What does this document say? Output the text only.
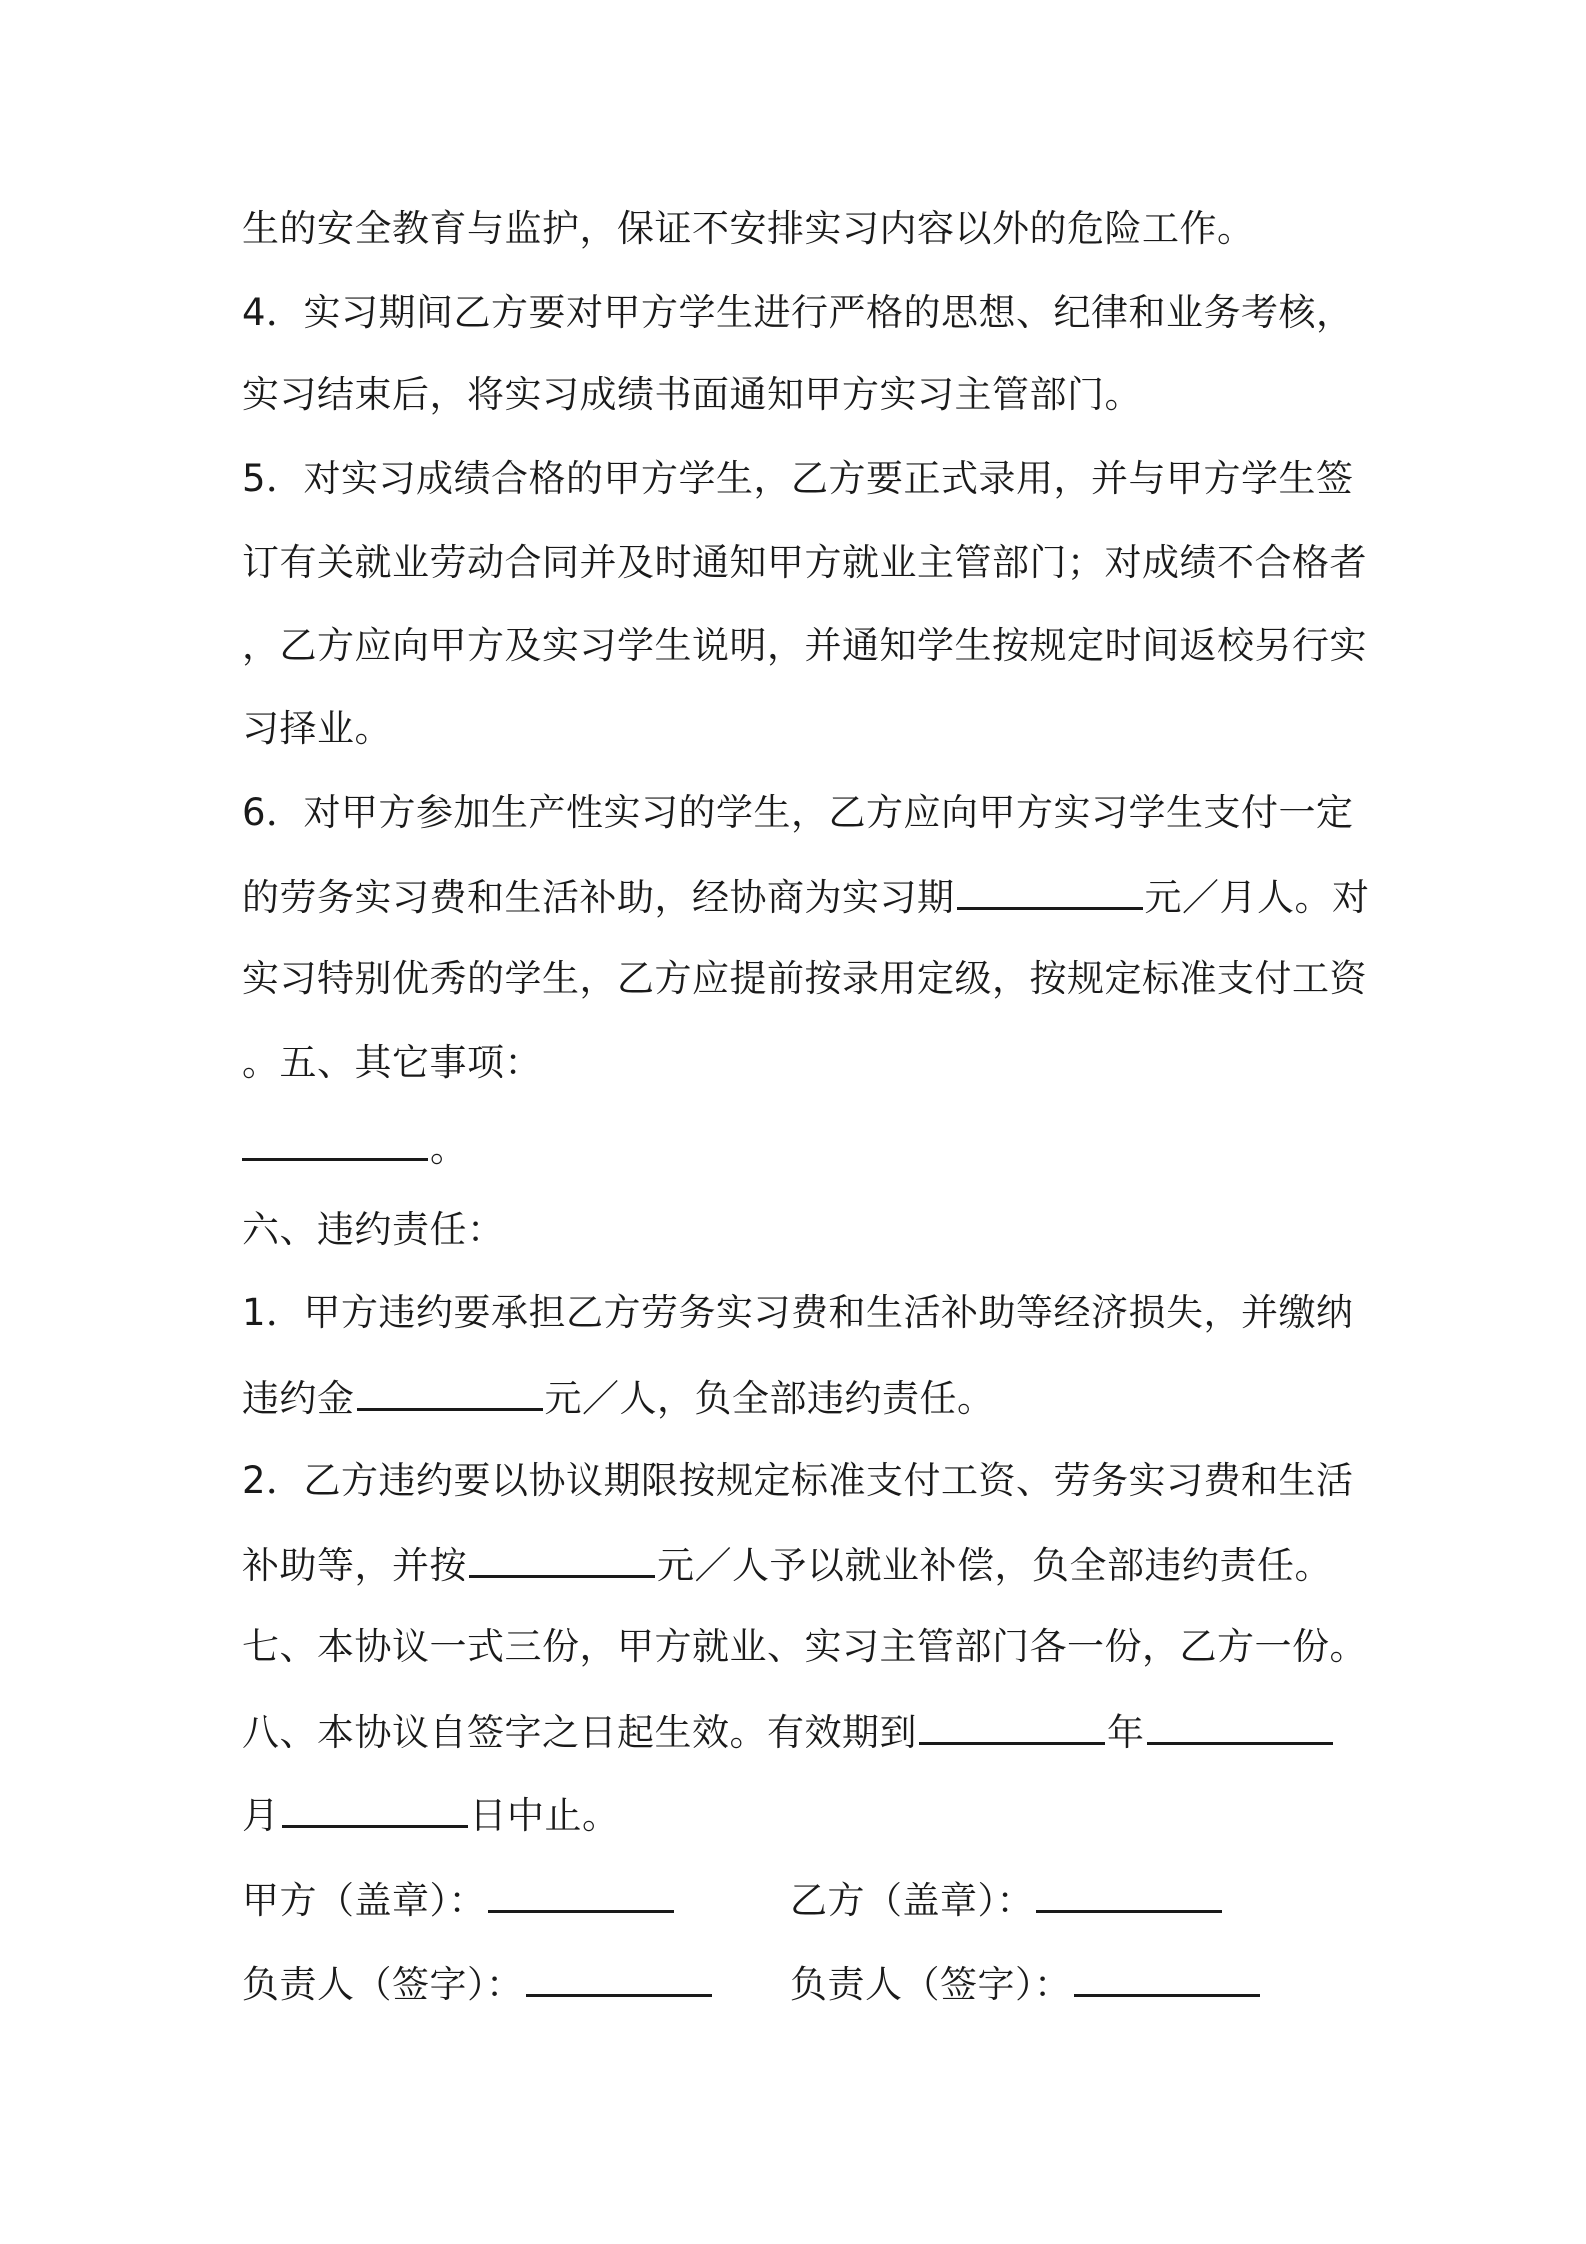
生的安全教育与监护，保证不安排实习内容以外的危险工作。
4．实习期间乙方要对甲方学生进行严格的思想、纪律和业务考核，
实习结束后，将实习成绩书面通知甲方实习主管部门。
5．对实习成绩合格的甲方学生，乙方要正式录用，并与甲方学生签
订有关就业劳动合同并及时通知甲方就业主管部门；对成绩不合格者
，乙方应向甲方及实习学生说明，并通知学生按规定时间返校另行实
习择业。
6．对甲方参加生产性实习的学生，乙方应向甲方实习学生支付一定
的劳务实习费和生活补助，经协商为实习期	元／月人。对
实习特别优秀的学生，乙方应提前按录用定级，按规定标准支付工资
。五、其它事项：
。
六、违约责任：
1．甲方违约要承担乙方劳务实习费和生活补助等经济损失，并缴纳
违约金	元／人，负全部违约责任。
2．乙方违约要以协议期限按规定标准支付工资、劳务实习费和生活
补助等，并按	元／人予以就业补偿，负全部违约责任。
七、本协议一式三份，甲方就业、实习主管部门各一份，乙方一份。
八、本协议自签字之日起生效。有效期到	年
月	日中止。
甲方（盖章）：	乙方（盖章）：
负责人（签字）：	负责人（签字）：
